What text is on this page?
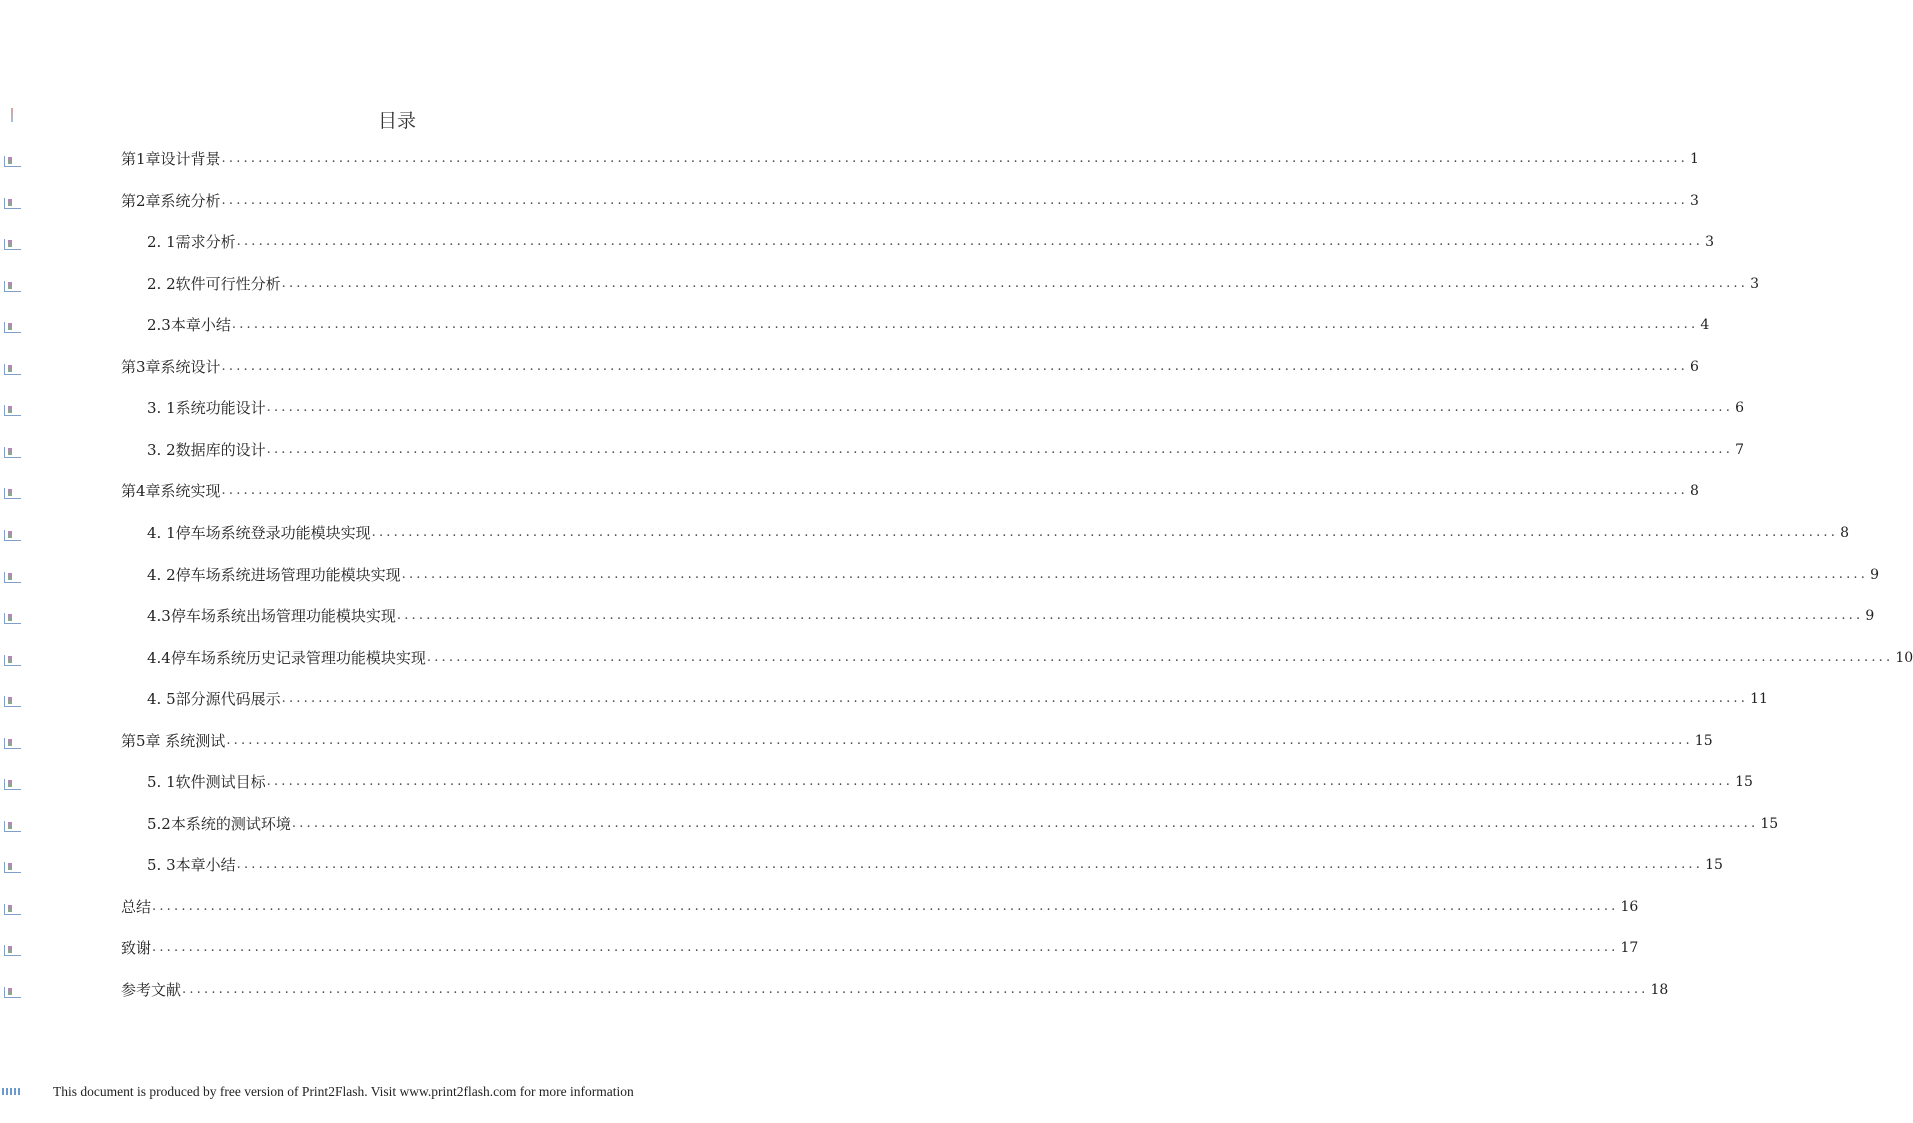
目录
第1章设计背景 ........................................................................................................................................................................................................ 1
第2章系统分析 ........................................................................................................................................................................................................ 3
2. 1需求分析 ........................................................................................................................................................................................................ 3
2. 2软件可行性分析 ........................................................................................................................................................................................................ 3
2.3本章小结 ........................................................................................................................................................................................................ 4
第3章系统设计 ........................................................................................................................................................................................................ 6
3. 1系统功能设计 ........................................................................................................................................................................................................ 6
3. 2数据库的设计 ........................................................................................................................................................................................................ 7
第4章系统实现 ........................................................................................................................................................................................................ 8
4. 1停车场系统登录功能模块实现 ........................................................................................................................................................................................................ 8
4. 2停车场系统进场管理功能模块实现 ........................................................................................................................................................................................................ 9
4.3停车场系统出场管理功能模块实现 ........................................................................................................................................................................................................ 9
4.4停车场系统历史记录管理功能模块实现 ........................................................................................................................................................................................................ 10
4. 5部分源代码展示 ........................................................................................................................................................................................................ 11
第5章 系统测试 ........................................................................................................................................................................................................ 15
5. 1软件测试目标 ........................................................................................................................................................................................................ 15
5.2本系统的测试环境 ........................................................................................................................................................................................................ 15
5. 3本章小结 ........................................................................................................................................................................................................ 15
总结 ........................................................................................................................................................................................................ 16
致谢 ........................................................................................................................................................................................................ 17
参考文献 ........................................................................................................................................................................................................ 18
This document is produced by free version of Print2Flash. Visit www.print2flash.com for more information
